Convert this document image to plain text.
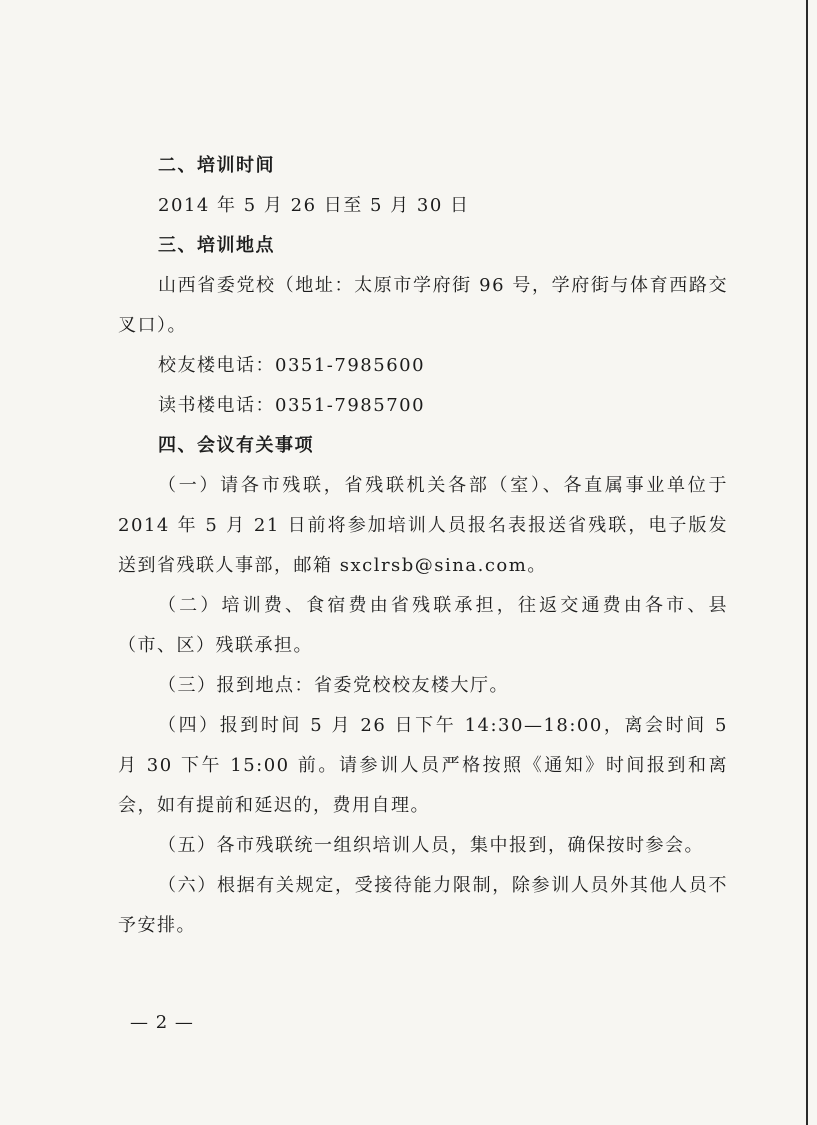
二、培训时间

2014 年 5 月 26 日至 5 月 30 日

三、培训地点

山西省委党校（地址：太原市学府街 96 号，学府街与体育西路交叉口）。

校友楼电话：0351-7985600

读书楼电话：0351-7985700

四、会议有关事项

（一）请各市残联，省残联机关各部（室）、各直属事业单位于 2014 年 5 月 21 日前将参加培训人员报名表报送省残联，电子版发送到省残联人事部，邮箱 sxclrsb@sina.com。

（二）培训费、食宿费由省残联承担，往返交通费由各市、县（市、区）残联承担。

（三）报到地点：省委党校校友楼大厅。

（四）报到时间 5 月 26 日下午 14:30—18:00，离会时间 5 月 30 下午 15:00 前。请参训人员严格按照《通知》时间报到和离会，如有提前和延迟的，费用自理。

（五）各市残联统一组织培训人员，集中报到，确保按时参会。

（六）根据有关规定，受接待能力限制，除参训人员外其他人员不予安排。

— 2 —
